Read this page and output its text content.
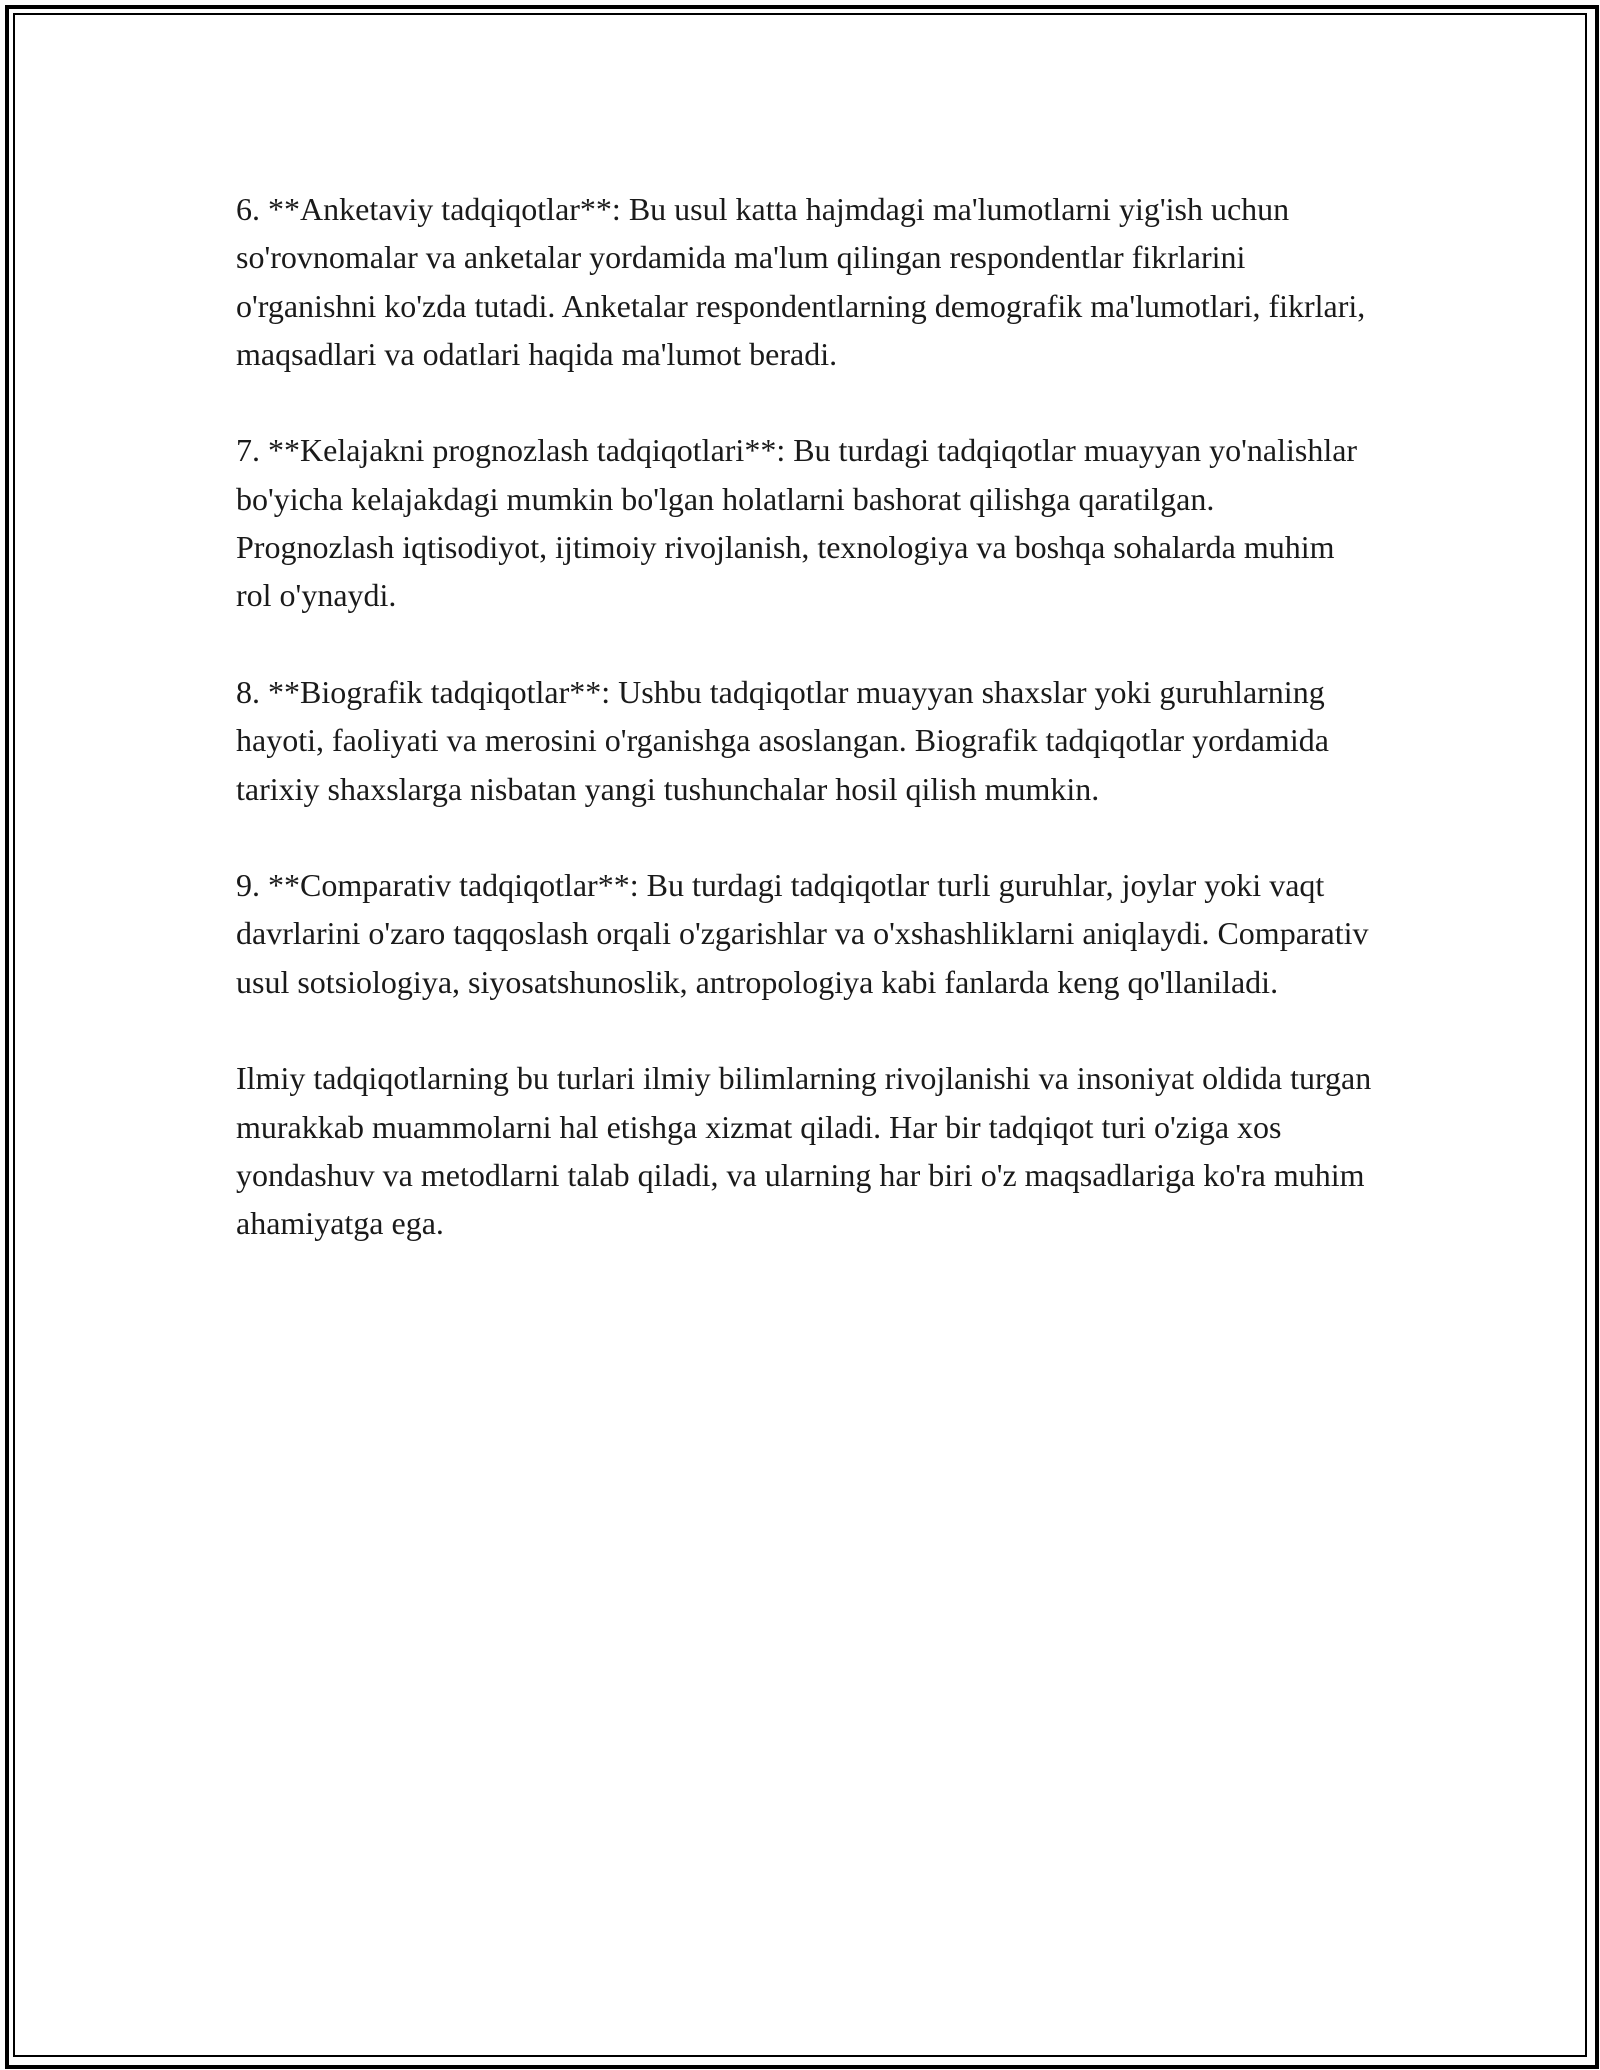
6. **Anketaviy tadqiqotlar**: Bu usul katta hajmdagi ma'lumotlarni yig'ish uchun so'rovnomalar va anketalar yordamida ma'lum qilingan respondentlar fikrlarini o'rganishni ko'zda tutadi. Anketalar respondentlarning demografik ma'lumotlari, fikrlari, maqsadlari va odatlari haqida ma'lumot beradi.

7. **Kelajakni prognozlash tadqiqotlari**: Bu turdagi tadqiqotlar muayyan yo'nalishlar bo'yicha kelajakdagi mumkin bo'lgan holatlarni bashorat qilishga qaratilgan. Prognozlash iqtisodiyot, ijtimoiy rivojlanish, texnologiya va boshqa sohalarda muhim rol o'ynaydi.

8. **Biografik tadqiqotlar**: Ushbu tadqiqotlar muayyan shaxslar yoki guruhlarning hayoti, faoliyati va merosini o'rganishga asoslangan. Biografik tadqiqotlar yordamida tarixiy shaxslarga nisbatan yangi tushunchalar hosil qilish mumkin.

9. **Comparativ tadqiqotlar**: Bu turdagi tadqiqotlar turli guruhlar, joylar yoki vaqt davrlarini o'zaro taqqoslash orqali o'zgarishlar va o'xshashliklarni aniqlaydi. Comparativ usul sotsiologiya, siyosatshunoslik, antropologiya kabi fanlarda keng qo'llaniladi.

Ilmiy tadqiqotlarning bu turlari ilmiy bilimlarning rivojlanishi va insoniyat oldida turgan murakkab muammolarni hal etishga xizmat qiladi. Har bir tadqiqot turi o'ziga xos yondashuv va metodlarni talab qiladi, va ularning har biri o'z maqsadlariga ko'ra muhim ahamiyatga ega.
